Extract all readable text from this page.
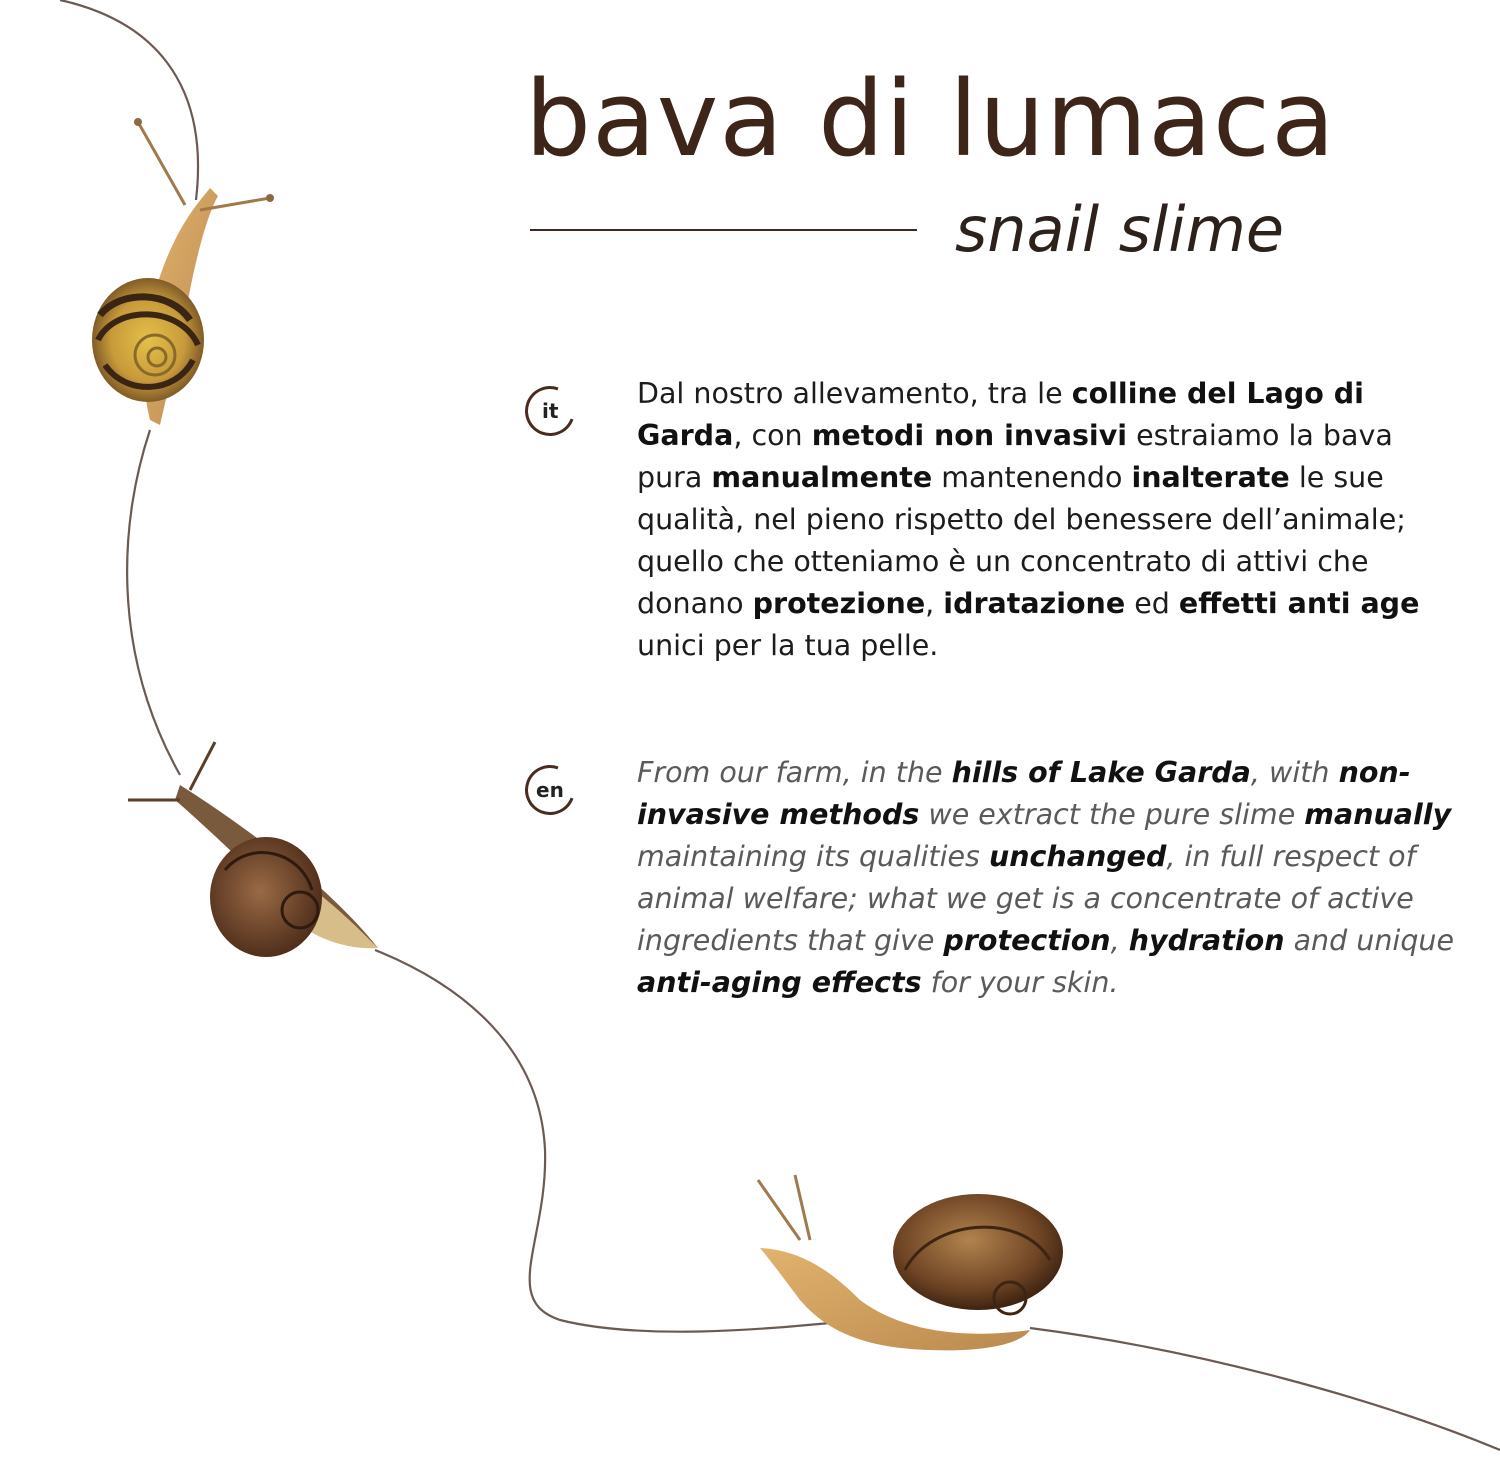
bava di lumaca
snail slime
it

Dal nostro allevamento, tra le colline del Lago di Garda, con metodi non invasivi estraiamo la bava pura manualmente mantenendo inalterate le sue qualità, nel pieno rispetto del benessere dell’animale; quello che otteniamo è un concentrato di attivi che donano protezione, idratazione ed effetti anti age unici per la tua pelle.

en

From our farm, in the hills of Lake Garda, with non-invasive methods we extract the pure slime manually maintaining its qualities unchanged, in full respect of animal welfare; what we get is a concentrate of active ingredients that give protection, hydration and unique anti-aging effects for your skin.
